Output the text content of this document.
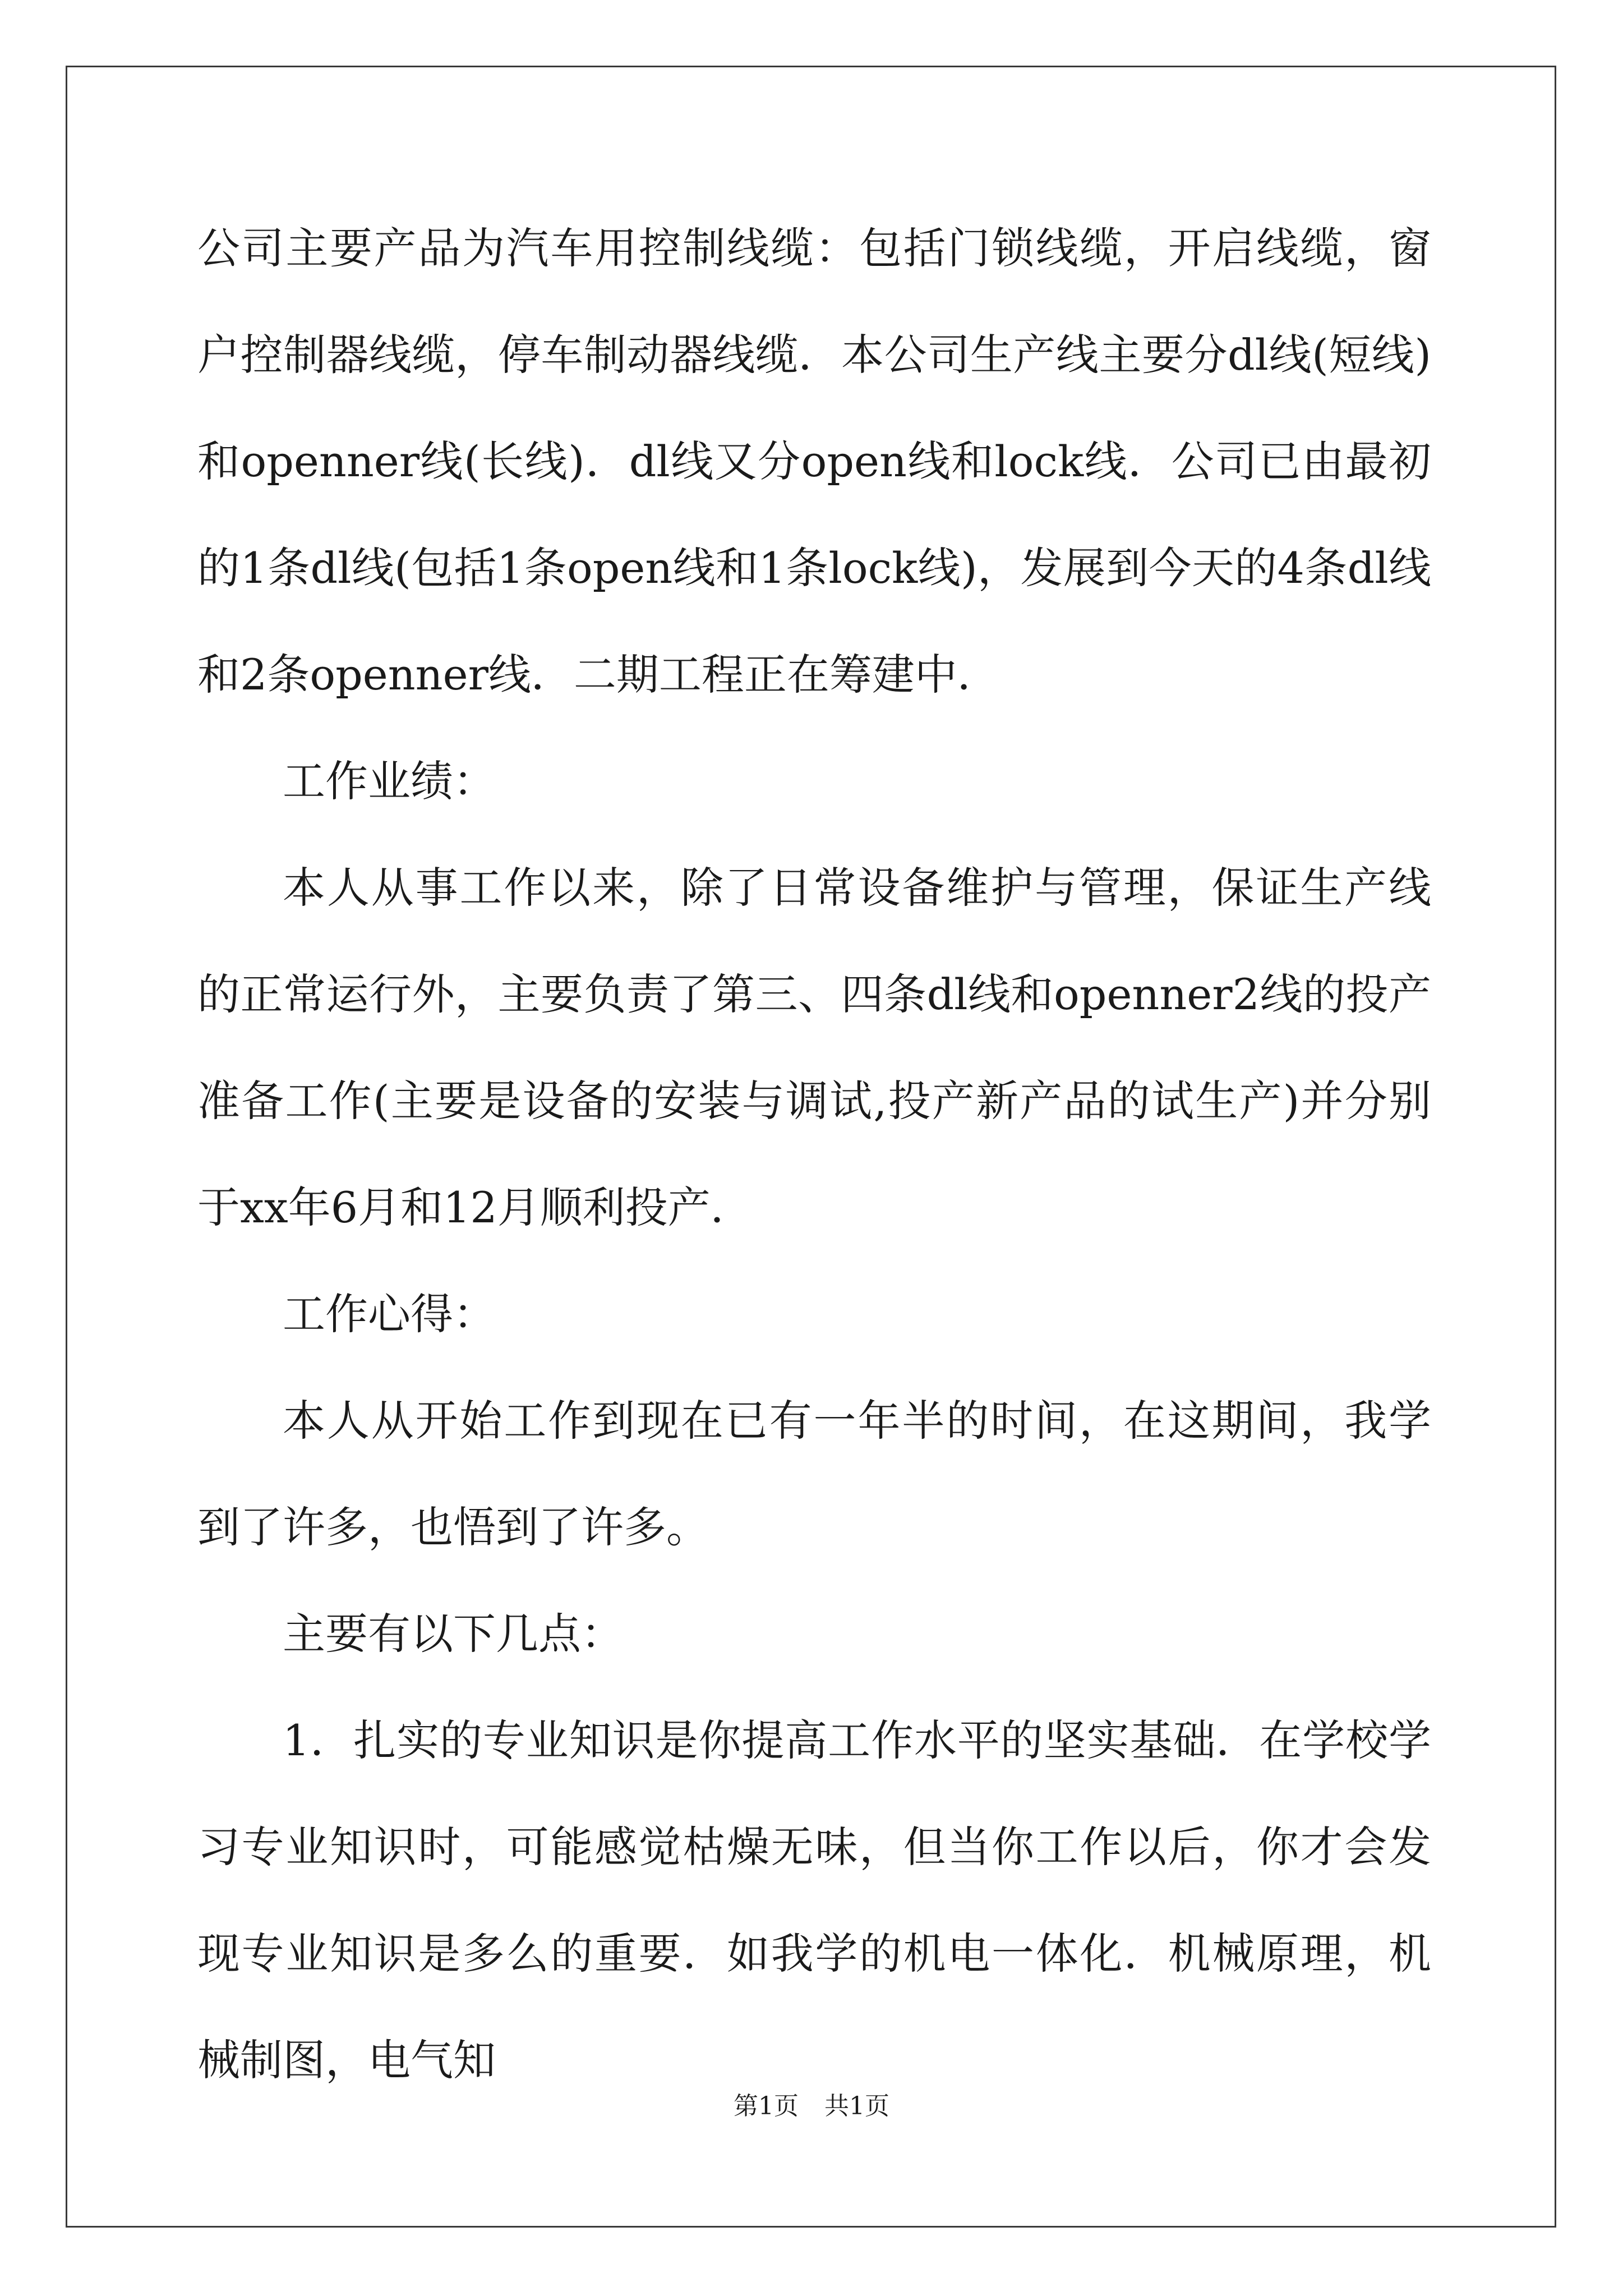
公司主要产品为汽车用控制线缆：包括门锁线缆，开启线缆，窗户控制器线缆，停车制动器线缆．本公司生产线主要分dl线(短线)和openner线(长线)．dl线又分open线和lock线．公司已由最初的1条dl线(包括1条open线和1条lock线)，发展到今天的4条dl线和2条openner线．二期工程正在筹建中．

工作业绩：

本人从事工作以来，除了日常设备维护与管理，保证生产线的正常运行外，主要负责了第三、四条dl线和openner2线的投产准备工作(主要是设备的安装与调试,投产新产品的试生产)并分别于xx年6月和12月顺利投产．

工作心得：

本人从开始工作到现在已有一年半的时间，在这期间，我学到了许多，也悟到了许多。

主要有以下几点：

1．扎实的专业知识是你提高工作水平的坚实基础．在学校学习专业知识时，可能感觉枯燥无味，但当你工作以后，你才会发现专业知识是多么的重要．如我学的机电一体化．机械原理，机械制图，电气知

第1页 共1页
